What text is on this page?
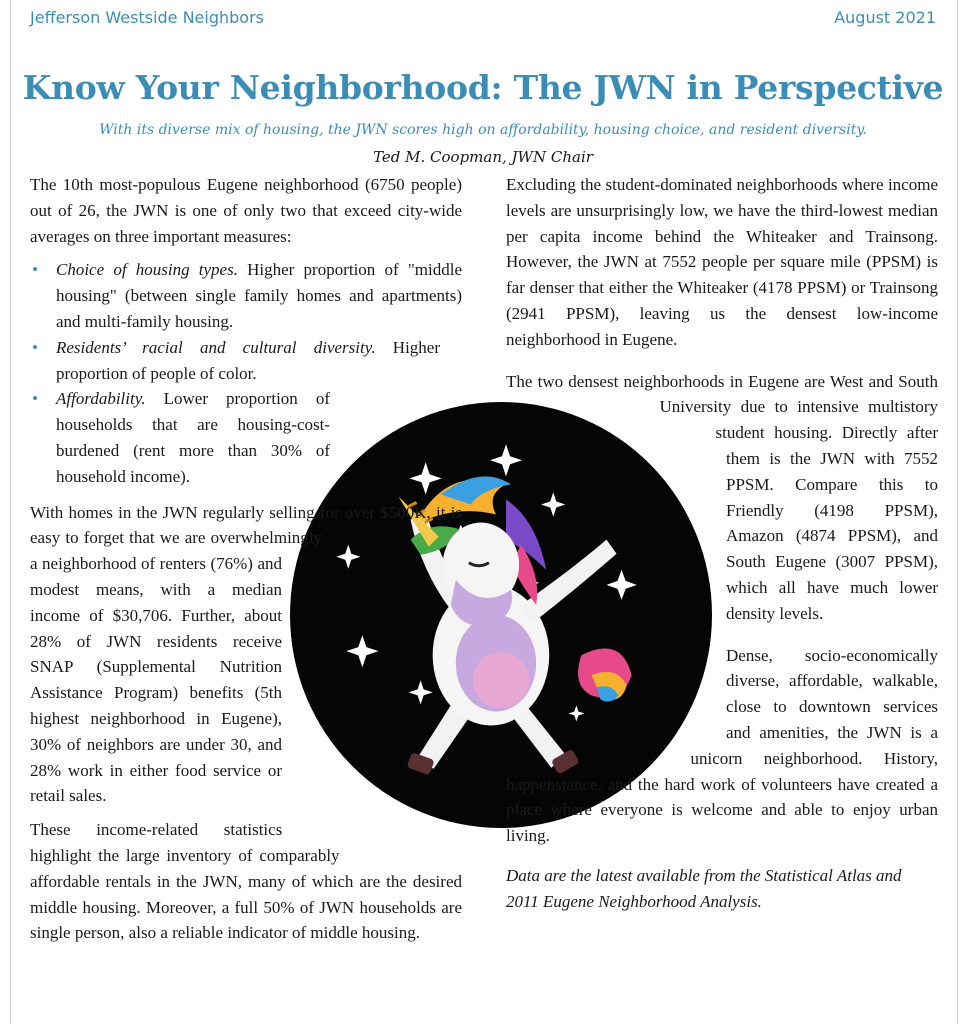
Jefferson Westside Neighbors	August 2021
Know Your Neighborhood: The JWN in Perspective
With its diverse mix of housing, the JWN scores high on affordability, housing choice, and resident diversity.
Ted M. Coopman, JWN Chair

The 10th most-populous Eugene neighborhood (6750 people) out of 26, the JWN is one of only two that exceed city-wide averages on three important measures:

• Choice of housing types. Higher proportion of "middle housing" (between single family homes and apartments) and multi-family housing.
• Residents’ racial and cultural diversity. Higher proportion of people of color.
• Affordability. Lower proportion of households that are housing-cost-burdened (rent more than 30% of household income).

With homes in the JWN regularly selling for over $500K, it is easy to forget that we are overwhelmingly a neighborhood of renters (76%) and modest means, with a median income of $30,706. Further, about 28% of JWN residents receive SNAP (Supplemental Nutrition Assistance Program) benefits (5th highest neighborhood in Eugene), 30% of neighbors are under 30, and 28% work in either food service or retail sales.

These income-related statistics highlight the large inventory of comparably affordable rentals in the JWN, many of which are the desired middle housing. Moreover, a full 50% of JWN households are single person, also a reliable indicator of middle housing.

Excluding the student-dominated neighborhoods where income levels are unsurprisingly low, we have the third-lowest median per capita income behind the Whiteaker and Trainsong. However, the JWN at 7552 people per square mile (PPSM) is far denser that either the Whiteaker (4178 PPSM) or Trainsong (2941 PPSM), leaving us the densest low-income neighborhood in Eugene.

The two densest neighborhoods in Eugene are West and South University due to intensive multistory student housing. Directly after them is the JWN with 7552 PPSM. Compare this to Friendly (4198 PPSM), Amazon (4874 PPSM), and South Eugene (3007 PPSM), which all have much lower density levels.

Dense, socio-economically diverse, affordable, walkable, close to downtown services and amenities, the JWN is a unicorn neighborhood. History, happenstance, and the hard work of volunteers have created a place where everyone is welcome and able to enjoy urban living.

Data are the latest available from the Statistical Atlas and 2011 Eugene Neighborhood Analysis.
